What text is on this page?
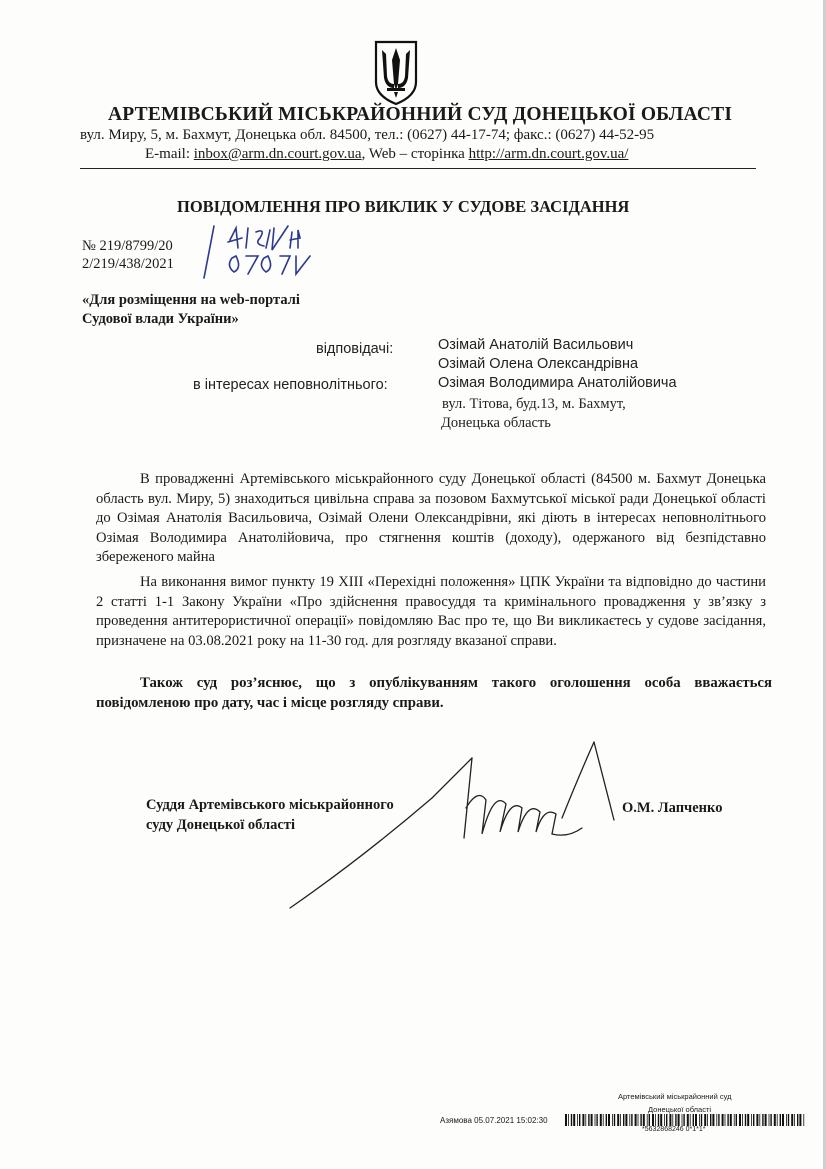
АРТЕМІВСЬКИЙ МІСЬКРАЙОННИЙ СУД ДОНЕЦЬКОЇ ОБЛАСТІ
вул. Миру, 5, м. Бахмут, Донецька обл. 84500, тел.: (0627) 44-17-74; факс.: (0627) 44-52-95
E-mail: inbox@arm.dn.court.gov.ua, Web – сторінка http://arm.dn.court.gov.ua/
ПОВІДОМЛЕННЯ ПРО ВИКЛИК У СУДОВЕ ЗАСІДАННЯ
№ 219/8799/20
2/219/438/2021
«Для розміщення на web-порталі
Судової влади України»
відповідачі:
в інтересах неповнолітнього:
Озімай Анатолій Васильович
Озімай Олена Олександрівна
Озімая Володимира Анатолійовича
вул. Тітова, буд.13, м. Бахмут,
Донецька область
В провадженні Артемівського міськрайонного суду Донецької області (84500 м. Бахмут Донецька область вул. Миру, 5) знаходиться цивільна справа за позовом Бахмутської міської ради Донецької області до Озімая Анатолія Васильовича, Озімай Олени Олександрівни, які діють в інтересах неповнолітнього Озімая Володимира Анатолійовича, про стягнення коштів (доходу), одержаного від безпідставно збереженого майна
На виконання вимог пункту 19 ХIII «Перехідні положення» ЦПК України та відповідно до частини 2 статті 1-1 Закону України «Про здійснення правосуддя та кримінального провадження у зв’язку з проведення антитерористичної операції» повідомляю Вас про те, що Ви викликаєтесь у судове засідання, призначене на 03.08.2021 року на 11-30 год. для розгляду вказаної справи.
Також суд роз’яснює, що з опублікуванням такого оголошення особа вважається повідомленою про дату, час і місце розгляду справи.
Суддя Артемівського міськрайонного
суду Донецької області
О.М. Лапченко
Артемівський міськрайонний суд
Донецької області
Азямова 05.07.2021 15:02:30
*5632868246 0*1*1*
